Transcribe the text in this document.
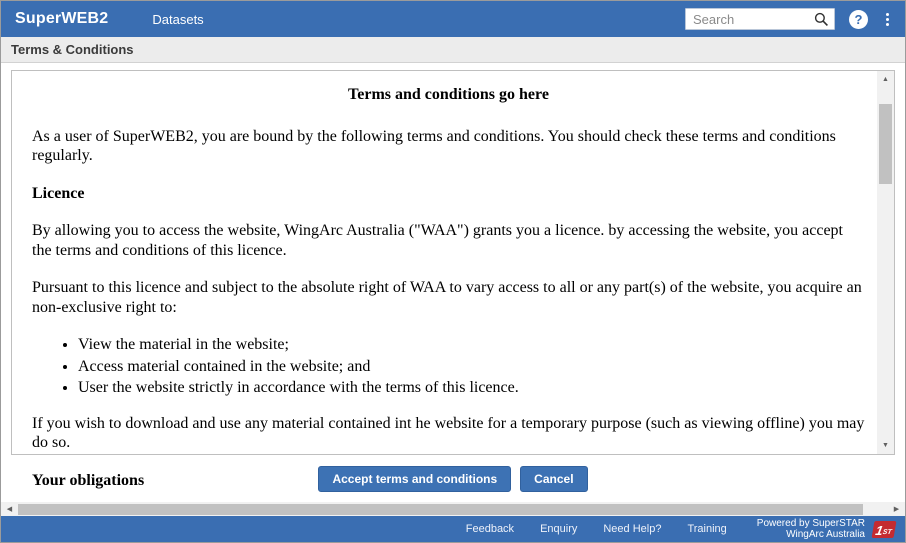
SuperWEB2	Datasets
Search	?
Terms & Conditions
Terms and conditions go here

As a user of SuperWEB2, you are bound by the following terms and conditions. You should check these terms and conditions regularly.

Licence

By allowing you to access the website, WingArc Australia ("WAA") grants you a licence. by accessing the website, you accept the terms and conditions of this licence.

Pursuant to this licence and subject to the absolute right of WAA to vary access to all or any part(s) of the website, you acquire an non-exclusive right to:

• View the material in the website;
• Access material contained in the website; and
• User the website strictly in accordance with the terms of this licence.

If you wish to download and use any material contained int he website for a temporary purpose (such as viewing offline) you may do so.

Your obligations
▲
▼
Accept terms and conditions	Cancel
◀	▶
Feedback Enquiry Need Help? Training	Powered by SuperSTAR
WingArc Australia 1
ST
